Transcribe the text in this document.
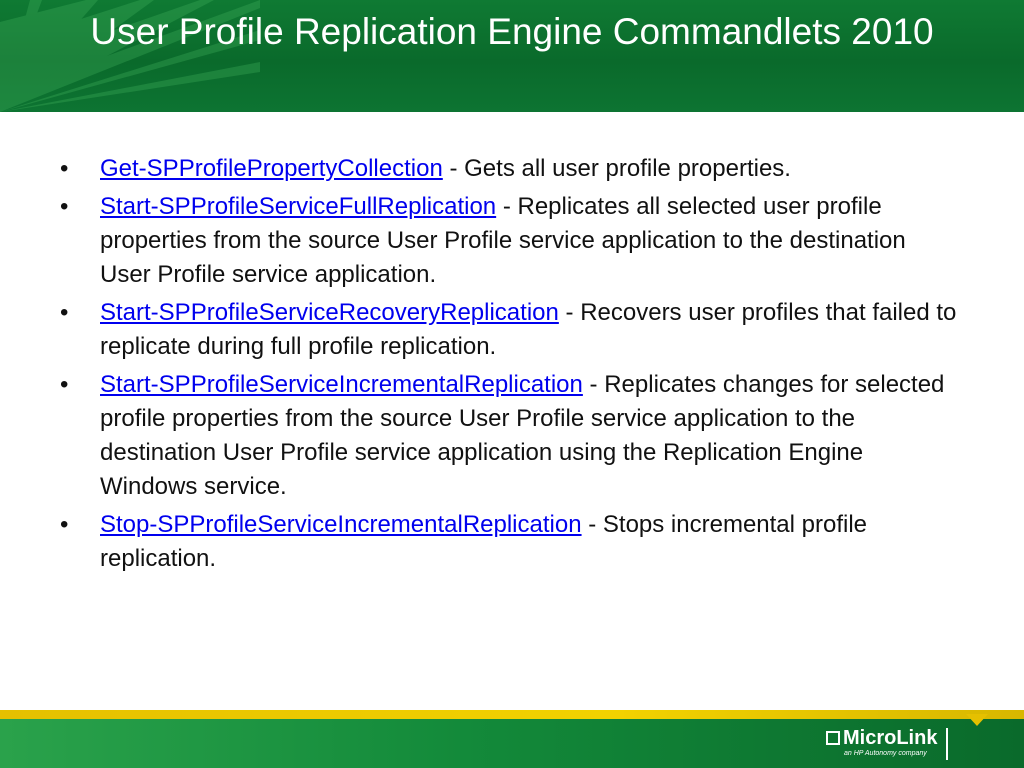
User Profile Replication Engine Commandlets 2010
•	Get-SPProfilePropertyCollection - Gets all user profile properties.
•	Start-SPProfileServiceFullReplication - Replicates all selected user profile properties from the source User Profile service application to the destination User Profile service application.
•	Start-SPProfileServiceRecoveryReplication - Recovers user profiles that failed to replicate during full profile replication.
•	Start-SPProfileServiceIncrementalReplication - Replicates changes for selected profile properties from the source User Profile service application to the destination User Profile service application using the Replication Engine Windows service.
•	Stop-SPProfileServiceIncrementalReplication - Stops incremental profile replication.
MicroLink
an HP Autonomy company
